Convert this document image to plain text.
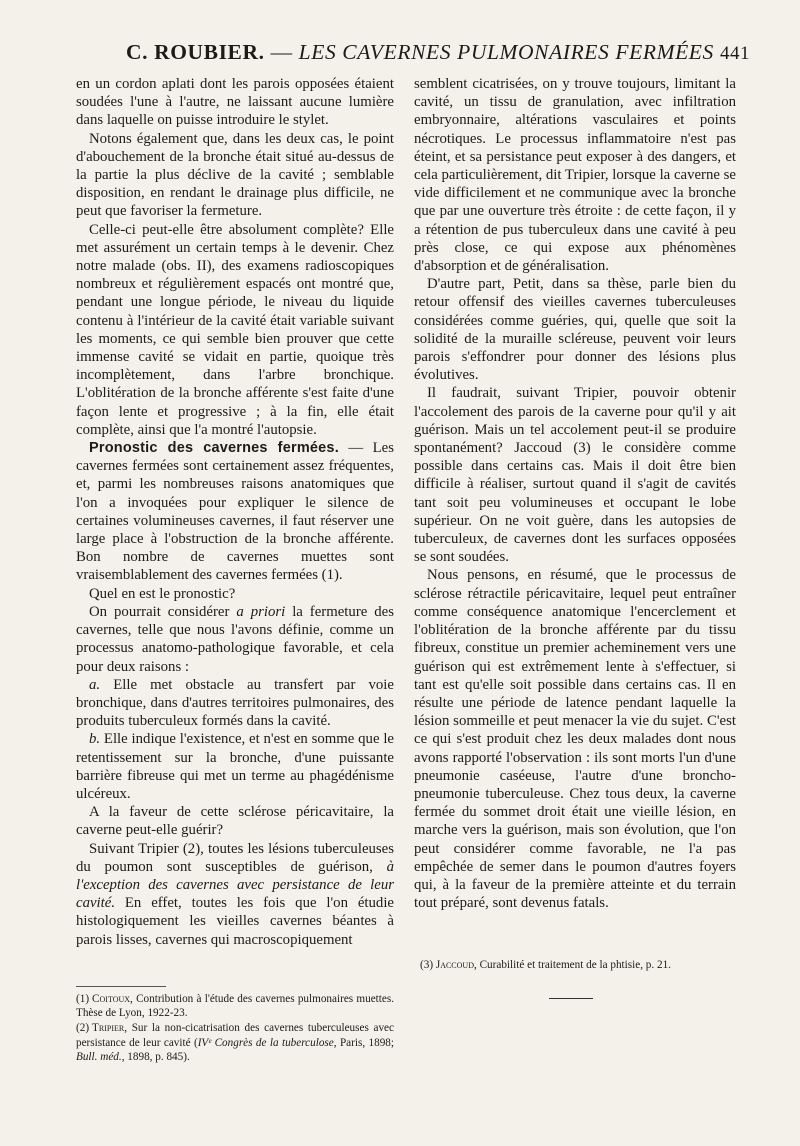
C. ROUBIER. — LES CAVERNES PULMONAIRES FERMÉES 441

en un cordon aplati dont les parois opposées étaient soudées l'une à l'autre, ne laissant aucune lumière dans laquelle on puisse introduire le stylet.

Notons également que, dans les deux cas, le point d'abouchement de la bronche était situé au-dessus de la partie la plus déclive de la cavité ; semblable disposition, en rendant le drainage plus difficile, ne peut que favoriser la fermeture.

Celle-ci peut-elle être absolument complète? Elle met assurément un certain temps à le devenir. Chez notre malade (obs. II), des examens radioscopiques nombreux et régulièrement espacés ont montré que, pendant une longue période, le niveau du liquide contenu à l'intérieur de la cavité était variable suivant les moments, ce qui semble bien prouver que cette immense cavité se vidait en partie, quoique très incomplètement, dans l'arbre bronchique. L'oblitération de la bronche afférente s'est faite d'une façon lente et progressive ; à la fin, elle était complète, ainsi que l'a montré l'autopsie.

Pronostic des cavernes fermées. — Les cavernes fermées sont certainement assez fréquentes, et, parmi les nombreuses raisons anatomiques que l'on a invoquées pour expliquer le silence de certaines volumineuses cavernes, il faut réserver une large place à l'obstruction de la bronche afférente. Bon nombre de cavernes muettes sont vraisemblablement des cavernes fermées (1).

Quel en est le pronostic?

On pourrait considérer a priori la fermeture des cavernes, telle que nous l'avons définie, comme un processus anatomo-pathologique favorable, et cela pour deux raisons :

a. Elle met obstacle au transfert par voie bronchique, dans d'autres territoires pulmonaires, des produits tuberculeux formés dans la cavité.

b. Elle indique l'existence, et n'est en somme que le retentissement sur la bronche, d'une puissante barrière fibreuse qui met un terme au phagédénisme ulcéreux.

A la faveur de cette sclérose péricavitaire, la caverne peut-elle guérir?

Suivant Tripier (2), toutes les lésions tuberculeuses du poumon sont susceptibles de guérison, à l'exception des cavernes avec persistance de leur cavité. En effet, toutes les fois que l'on étudie histologiquement les vieilles cavernes béantes à parois lisses, cavernes qui macroscopiquement

semblent cicatrisées, on y trouve toujours, limitant la cavité, un tissu de granulation, avec infiltration embryonnaire, altérations vasculaires et points nécrotiques. Le processus inflammatoire n'est pas éteint, et sa persistance peut exposer à des dangers, et cela particulièrement, dit Tripier, lorsque la caverne se vide difficilement et ne communique avec la bronche que par une ouverture très étroite : de cette façon, il y a rétention de pus tuberculeux dans une cavité à peu près close, ce qui expose aux phénomènes d'absorption et de généralisation.

D'autre part, Petit, dans sa thèse, parle bien du retour offensif des vieilles cavernes tuberculeuses considérées comme guéries, qui, quelle que soit la solidité de la muraille scléreuse, peuvent voir leurs parois s'effondrer pour donner des lésions plus évolutives.

Il faudrait, suivant Tripier, pouvoir obtenir l'accolement des parois de la caverne pour qu'il y ait guérison. Mais un tel accolement peut-il se produire spontanément? Jaccoud (3) le considère comme possible dans certains cas. Mais il doit être bien difficile à réaliser, surtout quand il s'agit de cavités tant soit peu volumineuses et occupant le lobe supérieur. On ne voit guère, dans les autopsies de tuberculeux, de cavernes dont les surfaces opposées se sont soudées.

Nous pensons, en résumé, que le processus de sclérose rétractile péricavitaire, lequel peut entraîner comme conséquence anatomique l'encerclement et l'oblitération de la bronche afférente par du tissu fibreux, constitue un premier acheminement vers une guérison qui est extrêmement lente à s'effectuer, si tant est qu'elle soit possible dans certains cas. Il en résulte une période de latence pendant laquelle la lésion sommeille et peut menacer la vie du sujet. C'est ce qui s'est produit chez les deux malades dont nous avons rapporté l'observation : ils sont morts l'un d'une pneumonie caséeuse, l'autre d'une broncho-pneumonie tuberculeuse. Chez tous deux, la caverne fermée du sommet droit était une vieille lésion, en marche vers la guérison, mais son évolution, que l'on peut considérer comme favorable, ne l'a pas empêchée de semer dans le poumon d'autres foyers qui, à la faveur de la première atteinte et du terrain tout préparé, sont devenus fatals.

(3) Jaccoud, Curabilité et traitement de la phtisie, p. 21.

(1) Coitoux, Contribution à l'étude des cavernes pulmonaires muettes. Thèse de Lyon, 1922-23.

(2) Tripier, Sur la non-cicatrisation des cavernes tuberculeuses avec persistance de leur cavité (IVᵉ Congrès de la tuberculose, Paris, 1898; Bull. méd., 1898, p. 845).
